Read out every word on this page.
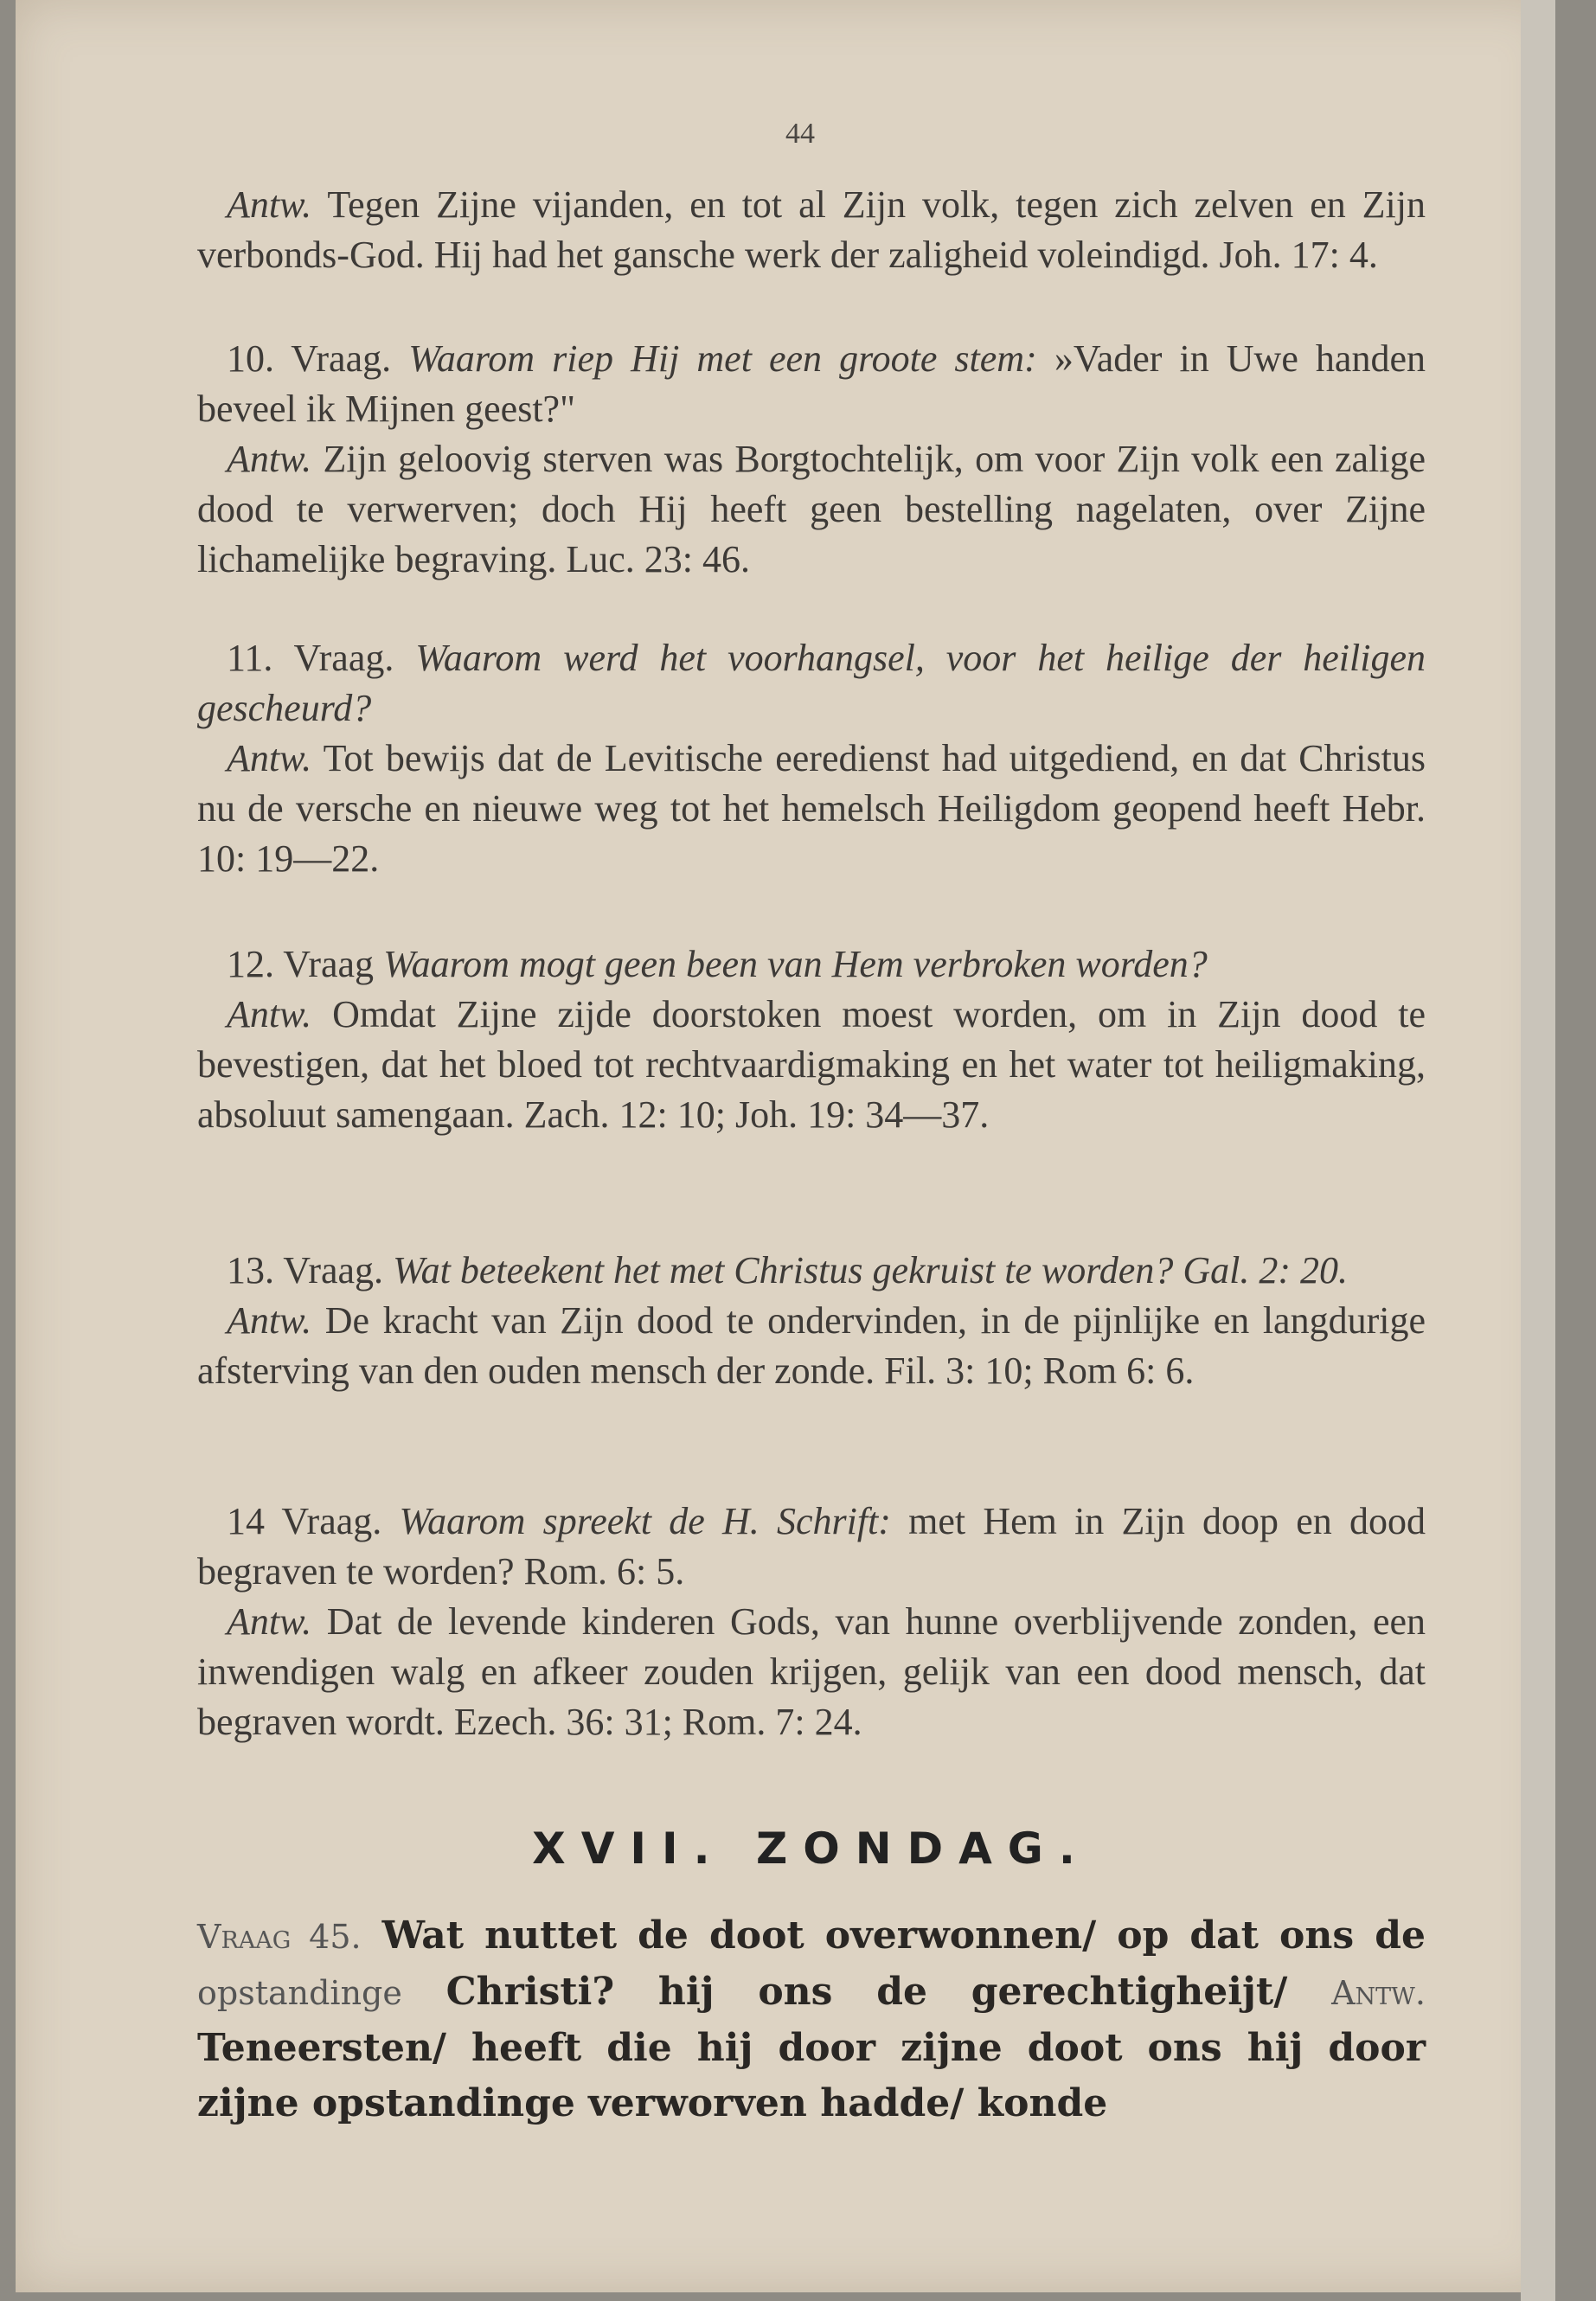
44

Antw. Tegen Zijne vijanden, en tot al Zijn volk, tegen zich zelven en Zijn verbonds-God. Hij had het gansche werk der zaligheid voleindigd. Joh. 17: 4.

10. Vraag. Waarom riep Hij met een groote stem: »Vader in Uwe handen beveel ik Mijnen geest?"

Antw. Zijn geloovig sterven was Borgtochtelijk, om voor Zijn volk een zalige dood te verwerven; doch Hij heeft geen bestelling nagelaten, over Zijne lichamelijke begraving. Luc. 23: 46.

11. Vraag. Waarom werd het voorhangsel, voor het heilige der heiligen gescheurd?

Antw. Tot bewijs dat de Levitische eeredienst had uitgediend, en dat Christus nu de versche en nieuwe weg tot het hemelsch Heiligdom geopend heeft Hebr. 10: 19—22.

12. Vraag Waarom mogt geen been van Hem verbroken worden?

Antw. Omdat Zijne zijde doorstoken moest worden, om in Zijn dood te bevestigen, dat het bloed tot rechtvaardigmaking en het water tot heiligmaking, absoluut samengaan. Zach. 12: 10; Joh. 19: 34—37.

13. Vraag. Wat beteekent het met Christus gekruist te worden? Gal. 2: 20.

Antw. De kracht van Zijn dood te ondervinden, in de pijnlijke en langdurige afsterving van den ouden mensch der zonde. Fil. 3: 10; Rom 6: 6.

14 Vraag. Waarom spreekt de H. Schrift: met Hem in Zijn doop en dood begraven te worden? Rom. 6: 5.

Antw. Dat de levende kinderen Gods, van hunne overblijvende zonden, een inwendigen walg en afkeer zouden krijgen, gelijk van een dood mensch, dat begraven wordt. Ezech. 36: 31; Rom. 7: 24.

XVII. ZONDAG.
Vraag 45. Wat nuttet de doot overwonnen/ op dat ons de opstandinge Christi? hij ons de gerechtigheijt/ Antw. Teneersten/ heeft die hij door zijne doot ons hij door zijne opstandinge verworven hadde/ konde
